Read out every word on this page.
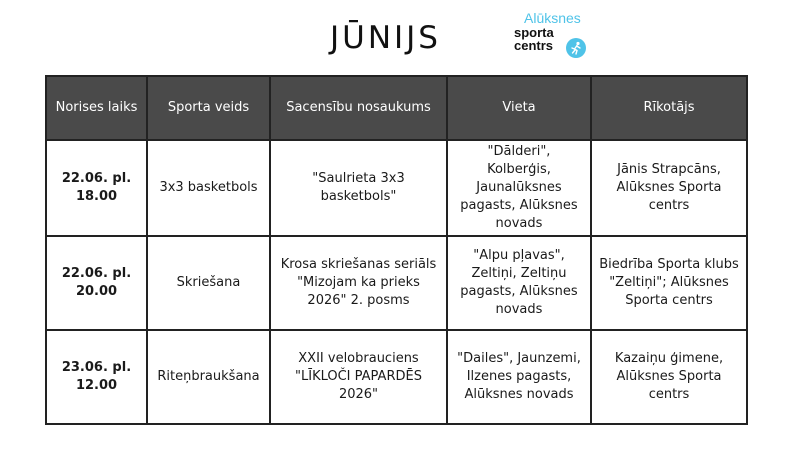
JŪNIJS
Alūksnes
sporta
centrs
Norises laiks	Sporta veids	Sacensību nosaukums	Vieta	Rīkotājs
22.06. pl. 18.00	3x3 basketbols	"Saulrieta 3x3 basketbols"	"Dālderi", Kolberģis, Jaunalūksnes pagasts, Alūksnes novads	Jānis Strapcāns, Alūksnes Sporta centrs
22.06. pl. 20.00	Skriešana	Krosa skriešanas seriāls "Mizojam ka prieks 2026" 2. posms	"Alpu pļavas", Zeltiņi, Zeltiņu pagasts, Alūksnes novads	Biedrība Sporta klubs "Zeltiņi"; Alūksnes Sporta centrs
23.06. pl. 12.00	Riteņbraukšana	XXII velobrauciens "LĪKLOČI PAPARDĒS 2026"	"Dailes", Jaunzemi, Ilzenes pagasts, Alūksnes novads	Kazaiņu ģimene, Alūksnes Sporta centrs
